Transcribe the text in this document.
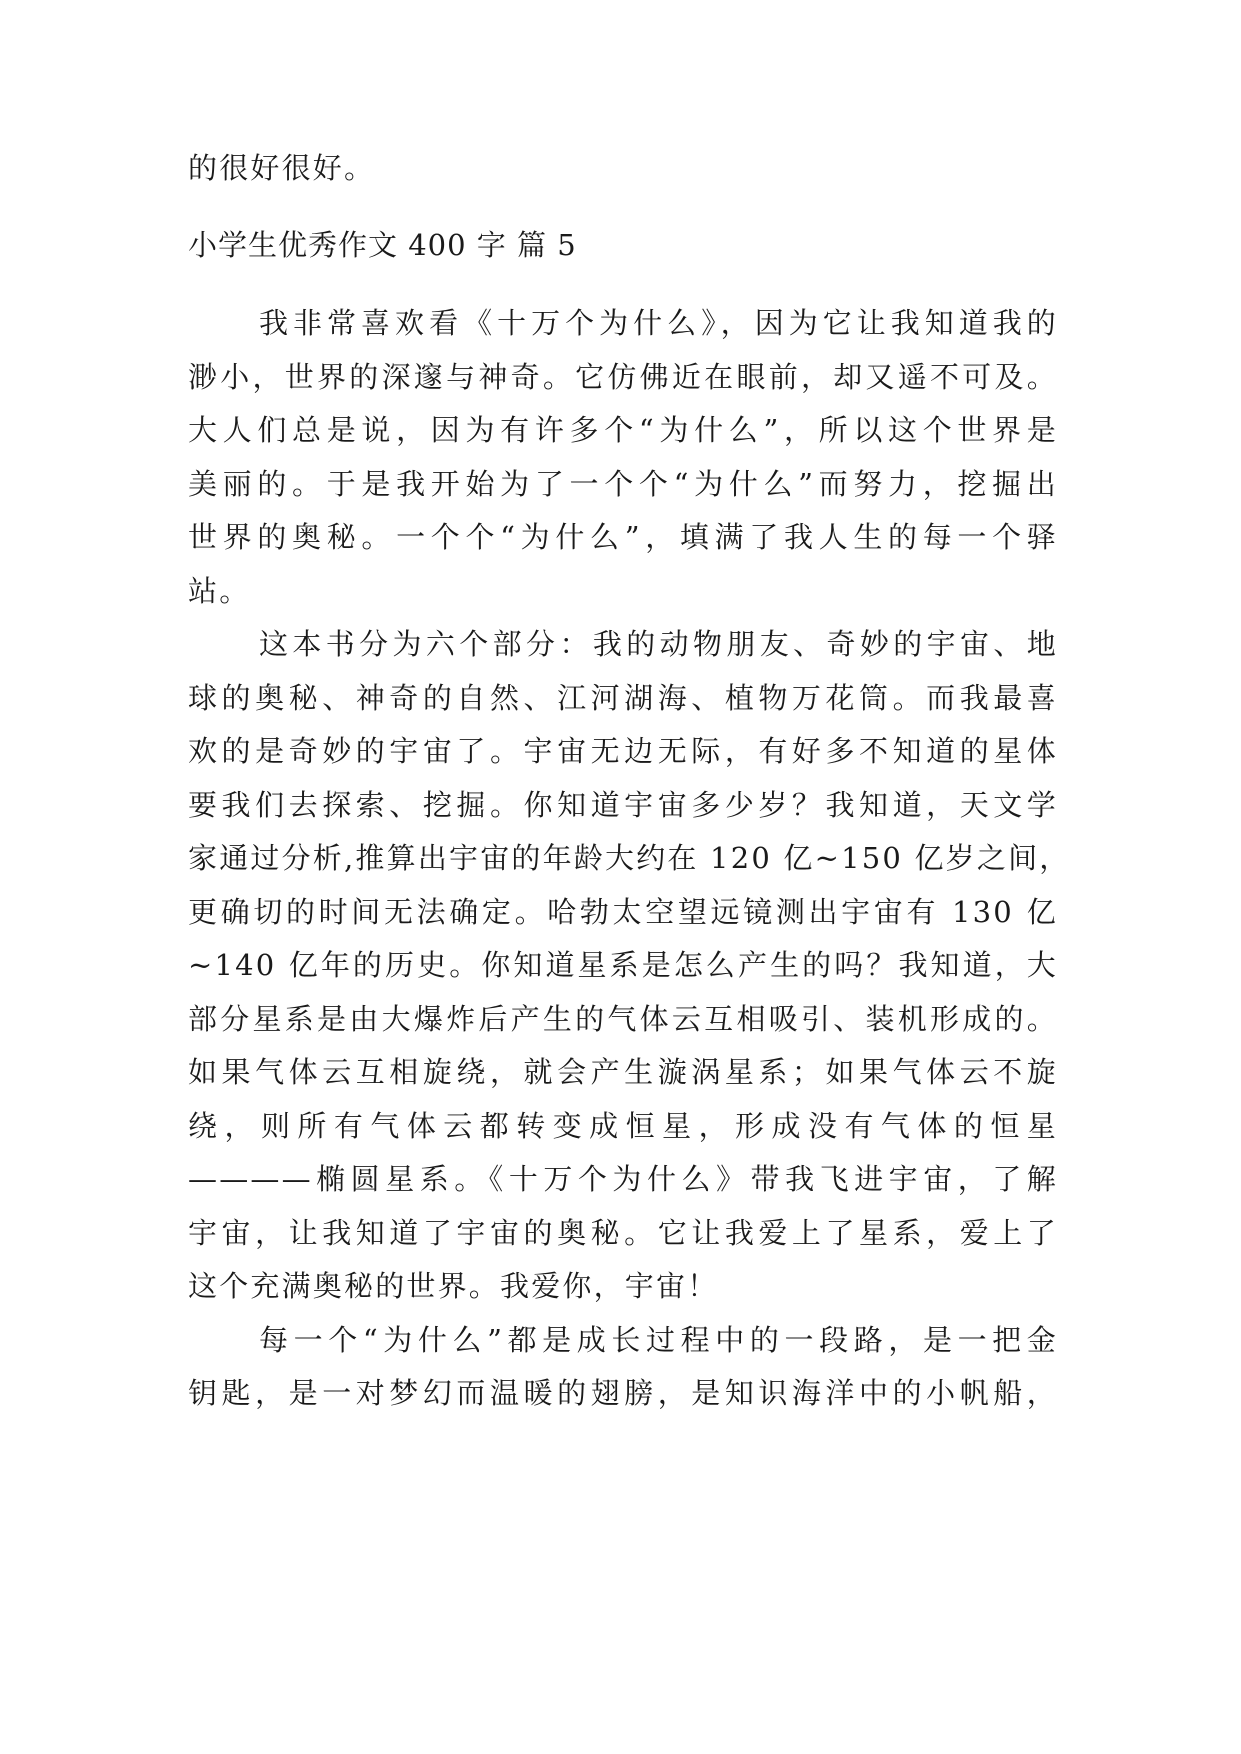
的很好很好。
小学生优秀作文 400 字 篇 5
我非常喜欢看《十万个为什么》，因为它让我知道我的
渺小，世界的深邃与神奇。它仿佛近在眼前，却又遥不可及。
大人们总是说，因为有许多个“为什么”，所以这个世界是
美丽的。于是我开始为了一个个“为什么”而努力，挖掘出
世界的奥秘。一个个“为什么”，填满了我人生的每一个驿
站。
这本书分为六个部分：我的动物朋友、奇妙的宇宙、地
球的奥秘、神奇的自然、江河湖海、植物万花筒。而我最喜
欢的是奇妙的宇宙了。宇宙无边无际，有好多不知道的星体
要我们去探索、挖掘。你知道宇宙多少岁？我知道，天文学
家通过分析,推算出宇宙的年龄大约在 120 亿~150 亿岁之间，
更确切的时间无法确定。哈勃太空望远镜测出宇宙有 130 亿
~140 亿年的历史。你知道星系是怎么产生的吗？我知道，大
部分星系是由大爆炸后产生的气体云互相吸引、装机形成的。
如果气体云互相旋绕，就会产生漩涡星系；如果气体云不旋
绕，则所有气体云都转变成恒星，形成没有气体的恒星
————椭圆星系。《十万个为什么》带我飞进宇宙，了解
宇宙，让我知道了宇宙的奥秘。它让我爱上了星系，爱上了
这个充满奥秘的世界。我爱你，宇宙！
每一个“为什么”都是成长过程中的一段路，是一把金
钥匙，是一对梦幻而温暖的翅膀，是知识海洋中的小帆船，
